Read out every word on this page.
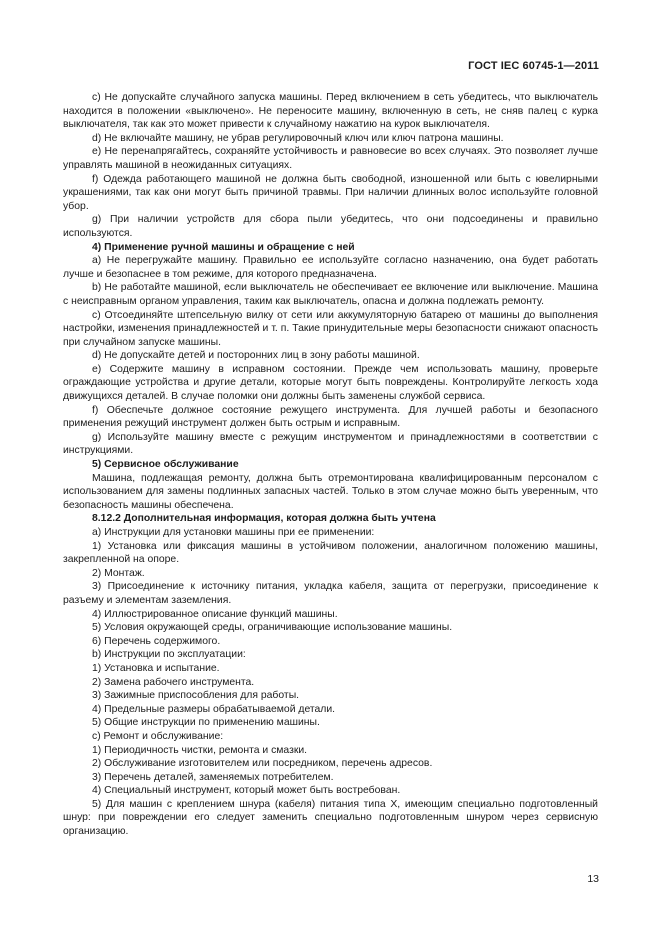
ГОСТ IEC 60745-1—2011

c) Не допускайте случайного запуска машины. Перед включением в сеть убедитесь, что выключатель находится в положении «выключено». Не переносите машину, включенную в сеть, не сняв палец с курка выключателя, так как это может привести к случайному нажатию на курок выключателя.

d) Не включайте машину, не убрав регулировочный ключ или ключ патрона машины.

e) Не перенапрягайтесь, сохраняйте устойчивость и равновесие во всех случаях. Это позволяет лучше управлять машиной в неожиданных ситуациях.

f) Одежда работающего машиной не должна быть свободной, изношенной или быть с ювелирными украшениями, так как они могут быть причиной травмы. При наличии длинных волос используйте головной убор.

g) При наличии устройств для сбора пыли убедитесь, что они подсоединены и правильно используются.

4) Применение ручной машины и обращение с ней

a) Не перегружайте машину. Правильно ее используйте согласно назначению, она будет работать лучше и безопаснее в том режиме, для которого предназначена.

b) Не работайте машиной, если выключатель не обеспечивает ее включение или выключение. Машина с неисправным органом управления, таким как выключатель, опасна и должна подлежать ремонту.

c) Отсоединяйте штепсельную вилку от сети или аккумуляторную батарею от машины до выполнения настройки, изменения принадлежностей и т. п. Такие принудительные меры безопасности снижают опасность при случайном запуске машины.

d) Не допускайте детей и посторонних лиц в зону работы машиной.

e) Содержите машину в исправном состоянии. Прежде чем использовать машину, проверьте ограждающие устройства и другие детали, которые могут быть повреждены. Контролируйте легкость хода движущихся деталей. В случае поломки они должны быть заменены службой сервиса.

f) Обеспечьте должное состояние режущего инструмента. Для лучшей работы и безопасного применения режущий инструмент должен быть острым и исправным.

g) Используйте машину вместе с режущим инструментом и принадлежностями в соответствии с инструкциями.

5) Сервисное обслуживание

Машина, подлежащая ремонту, должна быть отремонтирована квалифицированным персоналом с использованием для замены подлинных запасных частей. Только в этом случае можно быть уверенным, что безопасность машины обеспечена.

8.12.2 Дополнительная информация, которая должна быть учтена

a) Инструкции для установки машины при ее применении:

1) Установка или фиксация машины в устойчивом положении, аналогичном положению машины, закрепленной на опоре.

2) Монтаж.

3) Присоединение к источнику питания, укладка кабеля, защита от перегрузки, присоединение к разъему и элементам заземления.

4) Иллюстрированное описание функций машины.

5) Условия окружающей среды, ограничивающие использование машины.

6) Перечень содержимого.

b) Инструкции по эксплуатации:

1) Установка и испытание.

2) Замена рабочего инструмента.

3) Зажимные приспособления для работы.

4) Предельные размеры обрабатываемой детали.

5) Общие инструкции по применению машины.

c) Ремонт и обслуживание:

1) Периодичность чистки, ремонта и смазки.

2) Обслуживание изготовителем или посредником, перечень адресов.

3) Перечень деталей, заменяемых потребителем.

4) Специальный инструмент, который может быть востребован.

5) Для машин с креплением шнура (кабеля) питания типа X, имеющим специально подготовленный шнур: при повреждении его следует заменить специально подготовленным шнуром через сервисную организацию.

13
